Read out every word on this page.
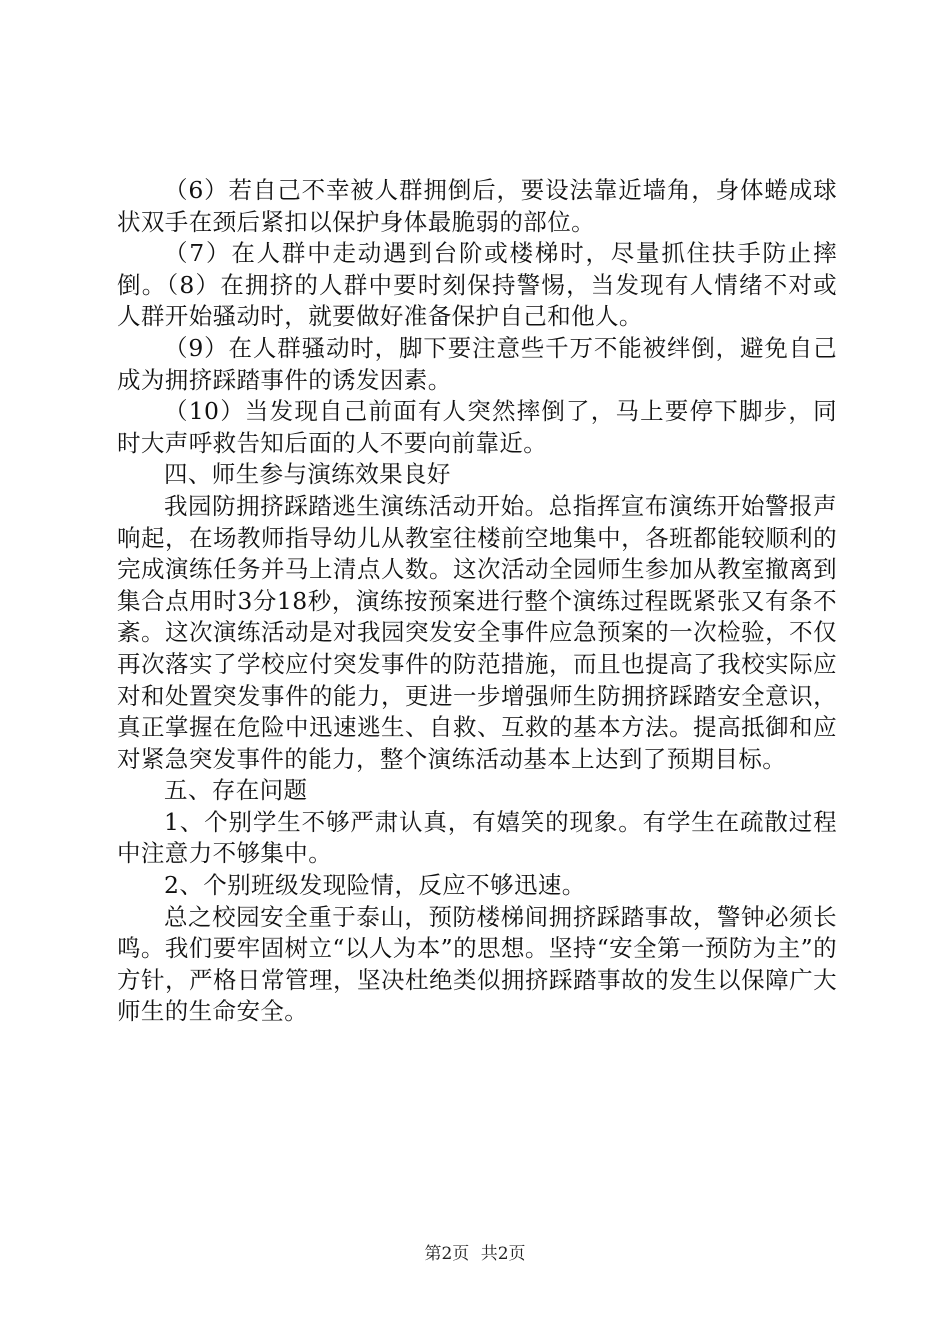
（6）若自己不幸被人群拥倒后，要设法靠近墙角，身体蜷成球状双手在颈后紧扣以保护身体最脆弱的部位。

（7）在人群中走动遇到台阶或楼梯时，尽量抓住扶手防止摔倒。（8）在拥挤的人群中要时刻保持警惕，当发现有人情绪不对或人群开始骚动时，就要做好准备保护自己和他人。

（9）在人群骚动时，脚下要注意些千万不能被绊倒，避免自己成为拥挤踩踏事件的诱发因素。

（10）当发现自己前面有人突然摔倒了，马上要停下脚步，同时大声呼救告知后面的人不要向前靠近。

四、师生参与演练效果良好

我园防拥挤踩踏逃生演练活动开始。总指挥宣布演练开始警报声响起，在场教师指导幼儿从教室往楼前空地集中，各班都能较顺利的完成演练任务并马上清点人数。这次活动全园师生参加从教室撤离到集合点用时3分18秒，演练按预案进行整个演练过程既紧张又有条不紊。这次演练活动是对我园突发安全事件应急预案的一次检验，不仅再次落实了学校应付突发事件的防范措施，而且也提高了我校实际应对和处置突发事件的能力，更进一步增强师生防拥挤踩踏安全意识，真正掌握在危险中迅速逃生、自救、互救的基本方法。提高抵御和应对紧急突发事件的能力，整个演练活动基本上达到了预期目标。

五、存在问题

1、个别学生不够严肃认真，有嬉笑的现象。有学生在疏散过程中注意力不够集中。

2、个别班级发现险情，反应不够迅速。

总之校园安全重于泰山，预防楼梯间拥挤踩踏事故，警钟必须长鸣。我们要牢固树立“以人为本”的思想。坚持“安全第一预防为主”的方针，严格日常管理，坚决杜绝类似拥挤踩踏事故的发生以保障广大师生的生命安全。

第2页 共2页
